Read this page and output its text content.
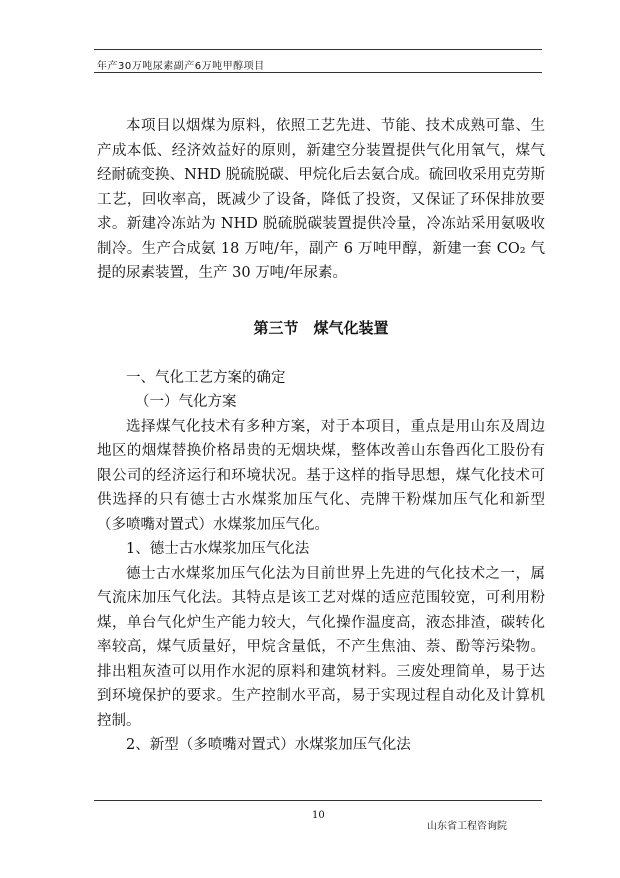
年产30万吨尿素副产6万吨甲醇项目

本项目以烟煤为原料，依照工艺先进、节能、技术成熟可靠、生产成本低、经济效益好的原则，新建空分装置提供气化用氧气，煤气经耐硫变换、NHD 脱硫脱碳、甲烷化后去氨合成。硫回收采用克劳斯工艺，回收率高，既减少了设备，降低了投资，又保证了环保排放要求。新建冷冻站为 NHD 脱硫脱碳装置提供冷量，冷冻站采用氨吸收制冷。生产合成氨 18 万吨/年，副产 6 万吨甲醇，新建一套 CO₂ 气提的尿素装置，生产 30 万吨/年尿素。

第三节　煤气化装置

一、气化工艺方案的确定

（一）气化方案

选择煤气化技术有多种方案，对于本项目，重点是用山东及周边地区的烟煤替换价格昂贵的无烟块煤，整体改善山东鲁西化工股份有限公司的经济运行和环境状况。基于这样的指导思想，煤气化技术可供选择的只有德士古水煤浆加压气化、壳牌干粉煤加压气化和新型（多喷嘴对置式）水煤浆加压气化。

1、德士古水煤浆加压气化法

德士古水煤浆加压气化法为目前世界上先进的气化技术之一，属气流床加压气化法。其特点是该工艺对煤的适应范围较宽，可利用粉煤，单台气化炉生产能力较大，气化操作温度高，液态排渣，碳转化率较高，煤气质量好，甲烷含量低，不产生焦油、萘、酚等污染物。排出粗灰渣可以用作水泥的原料和建筑材料。三废处理简单，易于达到环境保护的要求。生产控制水平高，易于实现过程自动化及计算机控制。

2、新型（多喷嘴对置式）水煤浆加压气化法

10
山东省工程咨询院
